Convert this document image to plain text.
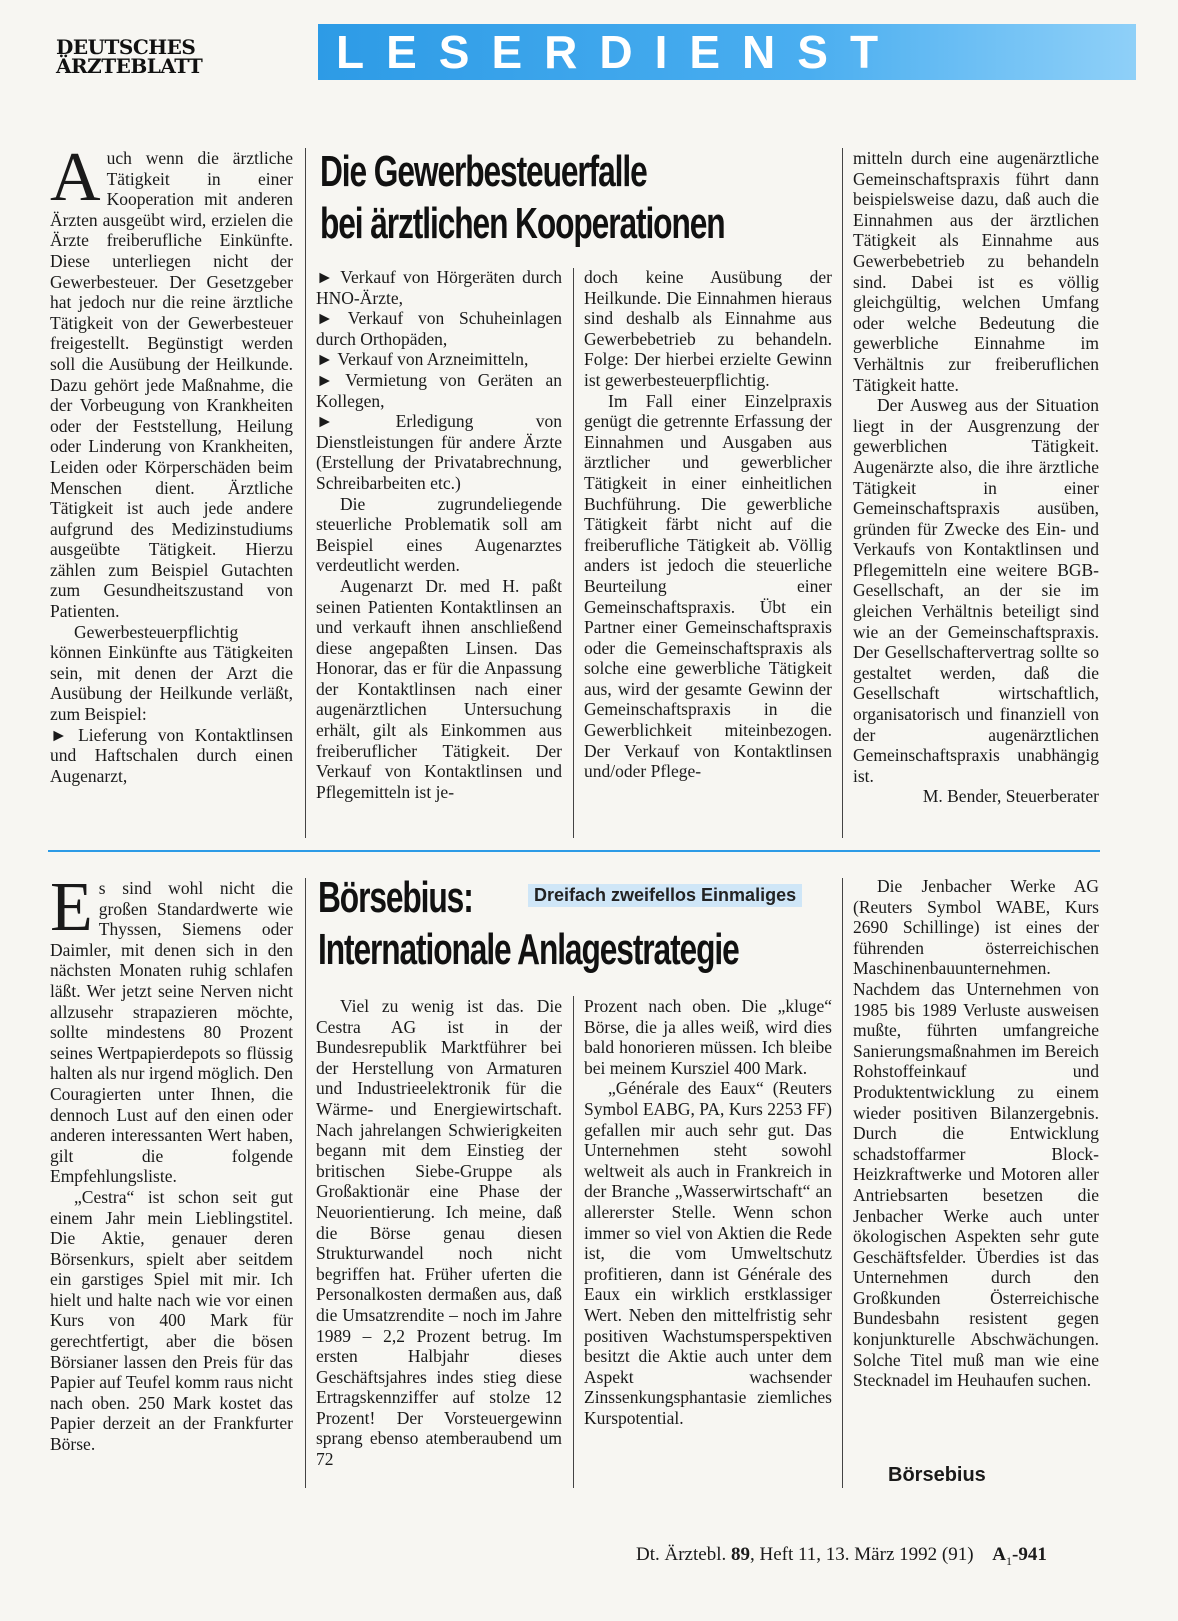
DEUTSCHES
ÄRZTEBLATT	LESERDIENST
A uch wenn die ärztliche Tätigkeit in einer Kooperation mit anderen Ärzten ausgeübt wird, erzielen die Ärzte freiberufliche Einkünfte. Diese unterliegen nicht der Gewerbesteuer. Der Gesetzgeber hat jedoch nur die reine ärztliche Tätigkeit von der Gewerbesteuer freigestellt. Begünstigt werden soll die Ausübung der Heilkunde. Dazu gehört jede Maßnahme, die der Vorbeugung von Krankheiten oder der Feststellung, Heilung oder Linderung von Krankheiten, Leiden oder Körperschäden beim Menschen dient. Ärztliche Tätigkeit ist auch jede andere aufgrund des Medizinstudiums ausgeübte Tätigkeit. Hierzu zählen zum Beispiel Gutachten zum Gesundheitszustand von Patienten.

Gewerbesteuerpflichtig können Einkünfte aus Tätigkeiten sein, mit denen der Arzt die Ausübung der Heilkunde verläßt, zum Beispiel:

► Lieferung von Kontaktlinsen und Haftschalen durch einen Augenarzt,

Die Gewerbesteuerfalle
bei ärztlichen Kooperationen

► Verkauf von Hörgeräten durch HNO-Ärzte,

► Verkauf von Schuheinlagen durch Orthopäden,

► Verkauf von Arzneimitteln,

► Vermietung von Geräten an Kollegen,

► Erledigung von Dienstleistungen für andere Ärzte (Erstellung der Privatabrechnung, Schreibarbeiten etc.)

Die zugrundeliegende steuerliche Problematik soll am Beispiel eines Augenarztes verdeutlicht werden.

Augenarzt Dr. med H. paßt seinen Patienten Kontaktlinsen an und verkauft ihnen anschließend diese angepaßten Linsen. Das Honorar, das er für die Anpassung der Kontaktlinsen nach einer augenärztlichen Untersuchung erhält, gilt als Einkommen aus freiberuflicher Tätigkeit. Der Verkauf von Kontaktlinsen und Pflegemitteln ist je-

doch keine Ausübung der Heilkunde. Die Einnahmen hieraus sind deshalb als Einnahme aus Gewerbebetrieb zu behandeln. Folge: Der hierbei erzielte Gewinn ist gewerbesteuerpflichtig.

Im Fall einer Einzelpraxis genügt die getrennte Erfassung der Einnahmen und Ausgaben aus ärztlicher und gewerblicher Tätigkeit in einer einheitlichen Buchführung. Die gewerbliche Tätigkeit färbt nicht auf die freiberufliche Tätigkeit ab. Völlig anders ist jedoch die steuerliche Beurteilung einer Gemeinschaftspraxis. Übt ein Partner einer Gemeinschaftspraxis oder die Gemeinschaftspraxis als solche eine gewerbliche Tätigkeit aus, wird der gesamte Gewinn der Gemeinschaftspraxis in die Gewerblichkeit miteinbezogen. Der Verkauf von Kontaktlinsen und/oder Pflege-

mitteln durch eine augenärztliche Gemeinschaftspraxis führt dann beispielsweise dazu, daß auch die Einnahmen aus der ärztlichen Tätigkeit als Einnahme aus Gewerbebetrieb zu behandeln sind. Dabei ist es völlig gleichgültig, welchen Umfang oder welche Bedeutung die gewerbliche Einnahme im Verhältnis zur freiberuflichen Tätigkeit hatte.

Der Ausweg aus der Situation liegt in der Ausgrenzung der gewerblichen Tätigkeit. Augenärzte also, die ihre ärztliche Tätigkeit in einer Gemeinschaftspraxis ausüben, gründen für Zwecke des Ein- und Verkaufs von Kontaktlinsen und Pflegemitteln eine weitere BGB-Gesellschaft, an der sie im gleichen Verhältnis beteiligt sind wie an der Gemeinschaftspraxis. Der Gesellschaftervertrag sollte so gestaltet werden, daß die Gesellschaft wirtschaftlich, organisatorisch und finanziell von der augenärztlichen Gemeinschaftspraxis unabhängig ist.

M. Bender, Steuerberater

E s sind wohl nicht die großen Standardwerte wie Thyssen, Siemens oder Daimler, mit denen sich in den nächsten Monaten ruhig schlafen läßt. Wer jetzt seine Nerven nicht allzusehr strapazieren möchte, sollte mindestens 80 Prozent seines Wertpapierdepots so flüssig halten als nur irgend möglich. Den Couragierten unter Ihnen, die dennoch Lust auf den einen oder anderen interessanten Wert haben, gilt die folgende Empfehlungsliste.

„Cestra“ ist schon seit gut einem Jahr mein Lieblingstitel. Die Aktie, genauer deren Börsenkurs, spielt aber seitdem ein garstiges Spiel mit mir. Ich hielt und halte nach wie vor einen Kurs von 400 Mark für gerechtfertigt, aber die bösen Börsianer lassen den Preis für das Papier auf Teufel komm raus nicht nach oben. 250 Mark kostet das Papier derzeit an der Frankfurter Börse.

Börsebius:
Internationale Anlagestrategie
Dreifach zweifellos Einmaliges

Viel zu wenig ist das. Die Cestra AG ist in der Bundesrepublik Marktführer bei der Herstellung von Armaturen und Industrieelektronik für die Wärme- und Energiewirtschaft. Nach jahrelangen Schwierigkeiten begann mit dem Einstieg der britischen Siebe-Gruppe als Großaktionär eine Phase der Neuorientierung. Ich meine, daß die Börse genau diesen Strukturwandel noch nicht begriffen hat. Früher uferten die Personalkosten dermaßen aus, daß die Umsatzrendite – noch im Jahre 1989 – 2,2 Prozent betrug. Im ersten Halbjahr dieses Geschäftsjahres indes stieg diese Ertragskennziffer auf stolze 12 Prozent! Der Vorsteuergewinn sprang ebenso atemberaubend um 72

Prozent nach oben. Die „kluge“ Börse, die ja alles weiß, wird dies bald honorieren müssen. Ich bleibe bei meinem Kursziel 400 Mark.

„Générale des Eaux“ (Reuters Symbol EABG, PA, Kurs 2253 FF) gefallen mir auch sehr gut. Das Unternehmen steht sowohl weltweit als auch in Frankreich in der Branche „Wasserwirtschaft“ an allererster Stelle. Wenn schon immer so viel von Aktien die Rede ist, die vom Umweltschutz profitieren, dann ist Générale des Eaux ein wirklich erstklassiger Wert. Neben den mittelfristig sehr positiven Wachstumsperspektiven besitzt die Aktie auch unter dem Aspekt wachsender Zinssenkungsphantasie ziemliches Kurspotential.

Die Jenbacher Werke AG (Reuters Symbol WABE, Kurs 2690 Schillinge) ist eines der führenden österreichischen Maschinenbauunternehmen. Nachdem das Unternehmen von 1985 bis 1989 Verluste ausweisen mußte, führten umfangreiche Sanierungsmaßnahmen im Bereich Rohstoffeinkauf und Produktentwicklung zu einem wieder positiven Bilanzergebnis. Durch die Entwicklung schadstoffarmer Block-Heizkraftwerke und Motoren aller Antriebsarten besetzen die Jenbacher Werke auch unter ökologischen Aspekten sehr gute Geschäftsfelder. Überdies ist das Unternehmen durch den Großkunden Österreichische Bundesbahn resistent gegen konjunkturelle Abschwächungen. Solche Titel muß man wie eine Stecknadel im Heuhaufen suchen.

Börsebius
Dt. Ärztebl. 89, Heft 11, 13. März 1992 (91) $A_1-941$
